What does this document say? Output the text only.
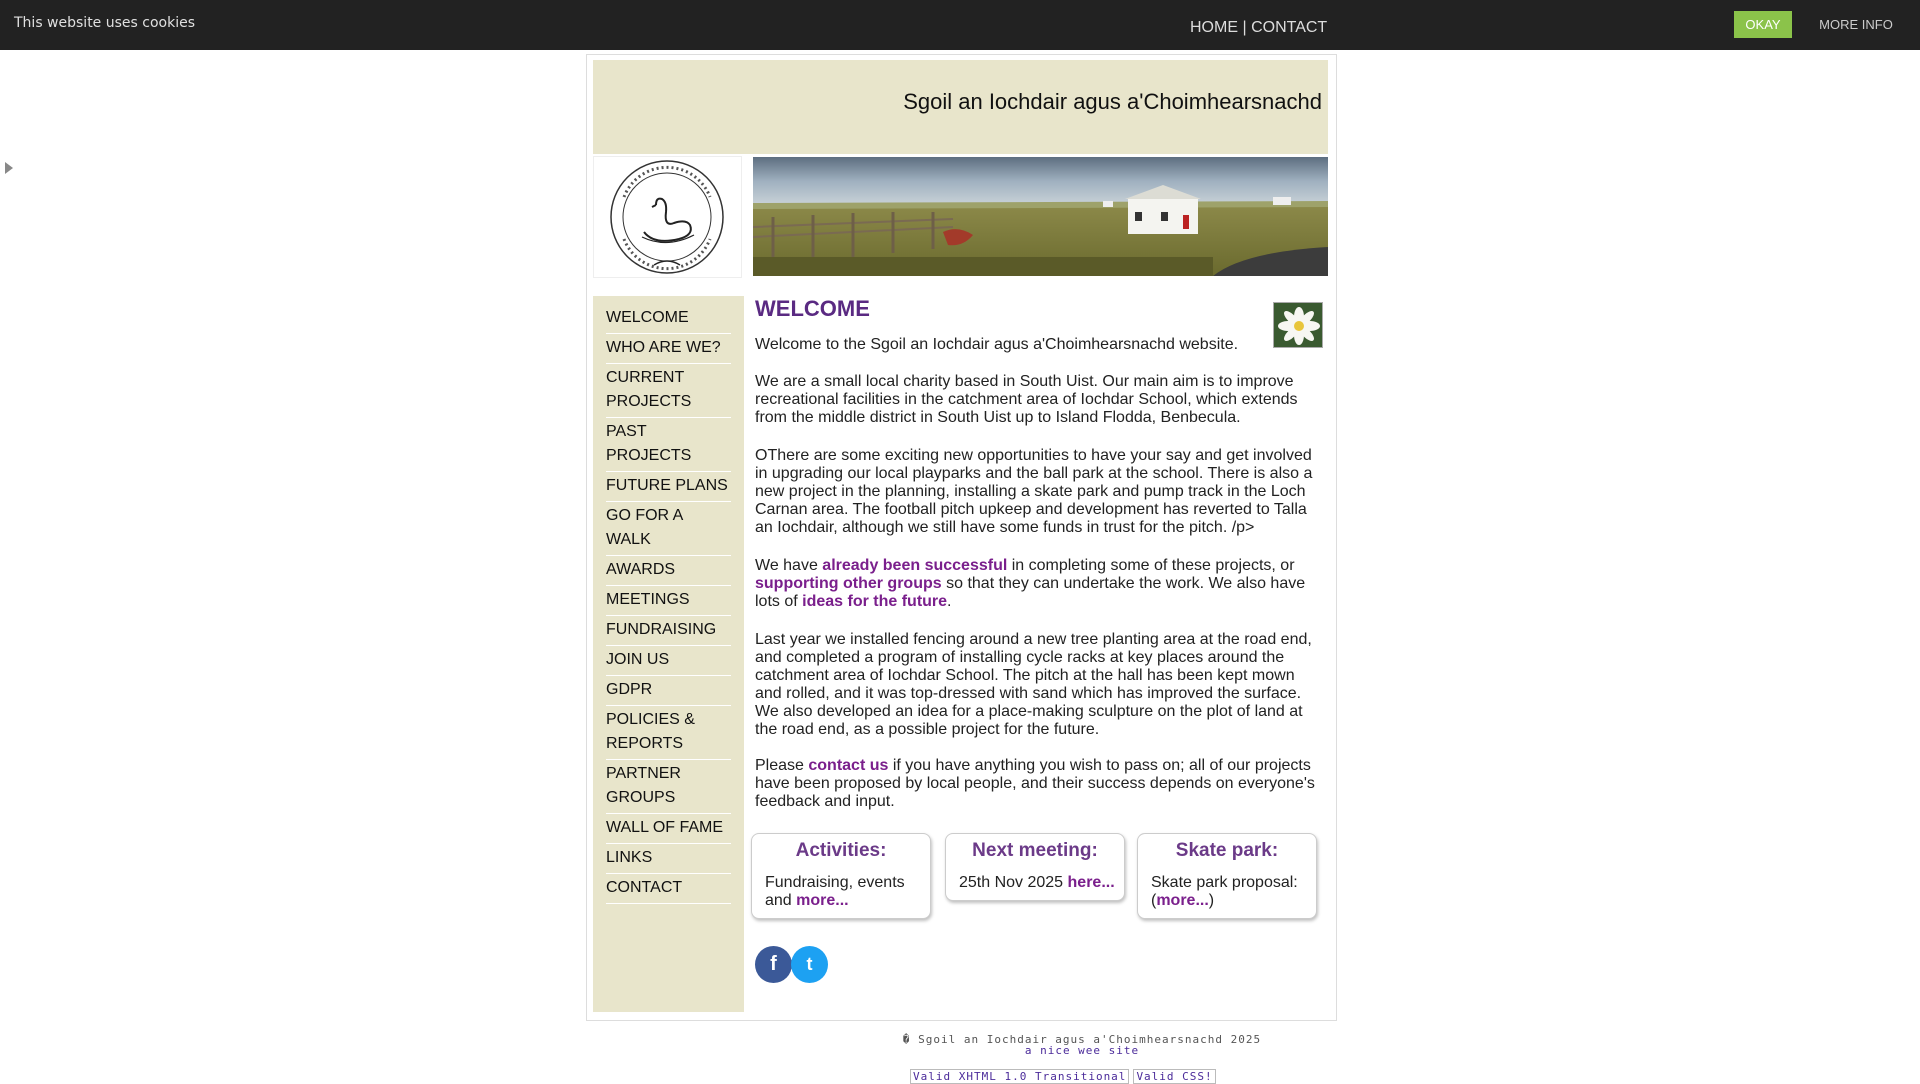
This website uses cookies	OKAY	MORE INFO
HOME | CONTACT
Sgoil an Iochdair agus a'Choimhearsnachd
WELCOME
WHO ARE WE?
CURRENT PROJECTS
PAST PROJECTS
FUTURE PLANS
GO FOR A WALK
AWARDS
MEETINGS
FUNDRAISING
JOIN US
GDPR
POLICIES & REPORTS
PARTNER GROUPS
WALL OF FAME
LINKS
CONTACT
WELCOME

Welcome to the Sgoil an Iochdair agus a'Choimhearsnachd website.

We are a small local charity based in South Uist. Our main aim is to improve recreational facilities in the catchment area of Iochdar School, which extends from the middle district in South Uist up to Island Flodda, Benbecula.

OThere are some exciting new opportunities to have your say and get involved in upgrading our local playparks and the ball park at the school. There is also a new project in the planning, installing a skate park and pump track in the Loch Carnan area. The football pitch upkeep and development has reverted to Talla an Iochdair, although we still have some funds in trust for the pitch. /p>

We have already been successful in completing some of these projects, or supporting other groups so that they can undertake the work. We also have lots of ideas for the future.

Last year we installed fencing around a new tree planting area at the road end, and completed a program of installing cycle racks at key places around the catchment area of Iochdar School. The pitch at the hall has been kept mown and rolled, and it was top-dressed with sand which has improved the surface. We also developed an idea for a place-making sculpture on the plot of land at the road end, as a possible project for the future.

Please contact us if you have anything you wish to pass on; all of our projects have been proposed by local people, and their success depends on everyone's feedback and input.

Activities:
Fundraising, events and more...
Next meeting:
25th Nov 2025 here...
Skate park:
Skate park proposal: (more...)
f	t
� Sgoil an Iochdair agus a'Choimhearsnachd 2025
a nice wee site
Valid XHTML 1.0 Transitional Valid CSS!
